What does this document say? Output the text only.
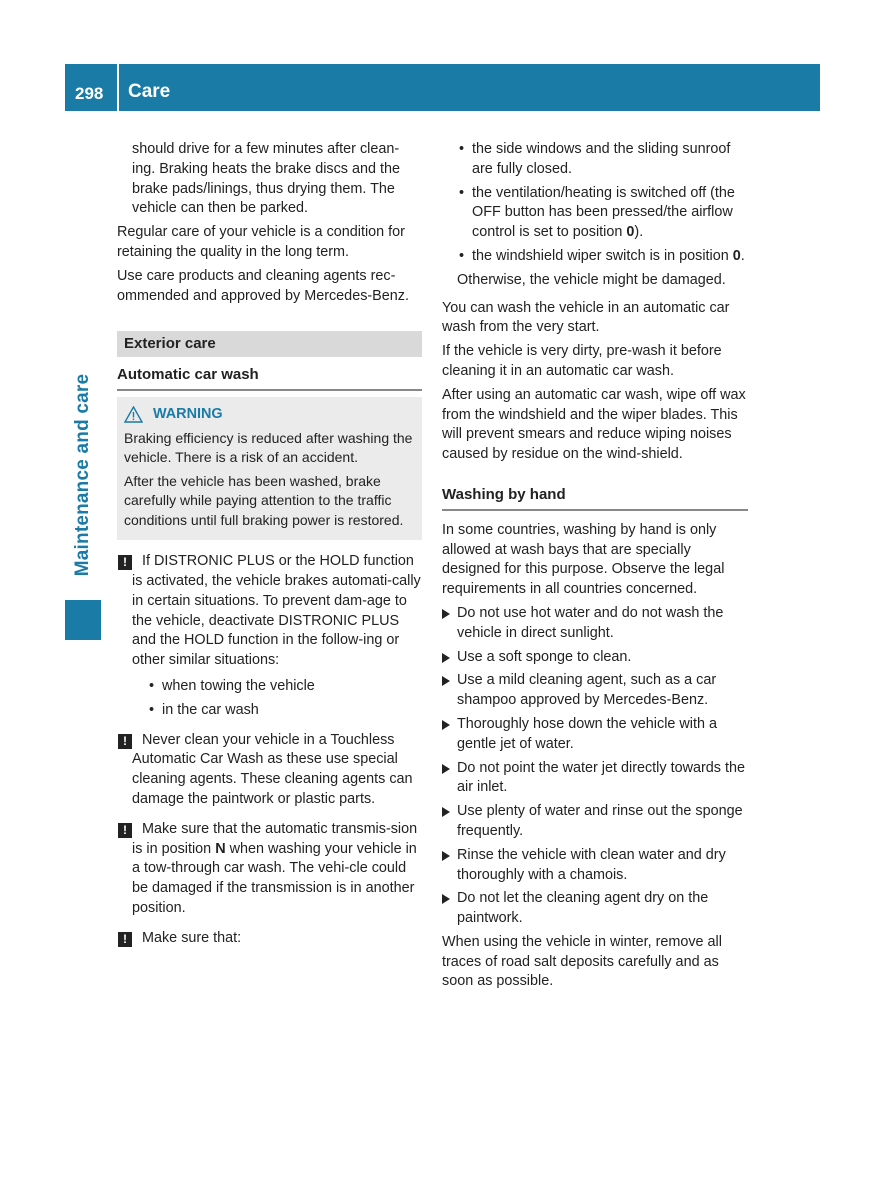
298	Care
Maintenance and care

should drive for a few minutes after clean-ing. Braking heats the brake discs and the brake pads/linings, thus drying them. The vehicle can then be parked.

Regular care of your vehicle is a condition for retaining the quality in the long term.

Use care products and cleaning agents rec-ommended and approved by Mercedes-Benz.

Exterior care
Automatic car wash
WARNING

Braking efficiency is reduced after washing the vehicle. There is a risk of an accident.

After the vehicle has been washed, brake carefully while paying attention to the traffic conditions until full braking power is restored.

!	If DISTRONIC PLUS or the HOLD function is activated, the vehicle brakes automati-cally in certain situations. To prevent dam-age to the vehicle, deactivate DISTRONIC PLUS and the HOLD function in the follow-ing or other similar situations:
• when towing the vehicle
• in the car wash
!	Never clean your vehicle in a Touchless Automatic Car Wash as these use special cleaning agents. These cleaning agents can damage the paintwork or plastic parts.
!	Make sure that the automatic transmis-sion is in position N when washing your vehicle in a tow-through car wash. The vehi-cle could be damaged if the transmission is in another position.
!	Make sure that:
• the side windows and the sliding sunroof are fully closed.
• the ventilation/heating is switched off (the OFF button has been pressed/the airflow control is set to position 0).
• the windshield wiper switch is in position 0.

Otherwise, the vehicle might be damaged.

You can wash the vehicle in an automatic car wash from the very start.

If the vehicle is very dirty, pre-wash it before cleaning it in an automatic car wash.

After using an automatic car wash, wipe off wax from the windshield and the wiper blades. This will prevent smears and reduce wiping noises caused by residue on the wind-shield.

Washing by hand

In some countries, washing by hand is only allowed at wash bays that are specially designed for this purpose. Observe the legal requirements in all countries concerned.

Do not use hot water and do not wash the vehicle in direct sunlight.
Use a soft sponge to clean.
Use a mild cleaning agent, such as a car shampoo approved by Mercedes-Benz.
Thoroughly hose down the vehicle with a gentle jet of water.
Do not point the water jet directly towards the air inlet.
Use plenty of water and rinse out the sponge frequently.
Rinse the vehicle with clean water and dry thoroughly with a chamois.
Do not let the cleaning agent dry on the paintwork.

When using the vehicle in winter, remove all traces of road salt deposits carefully and as soon as possible.
